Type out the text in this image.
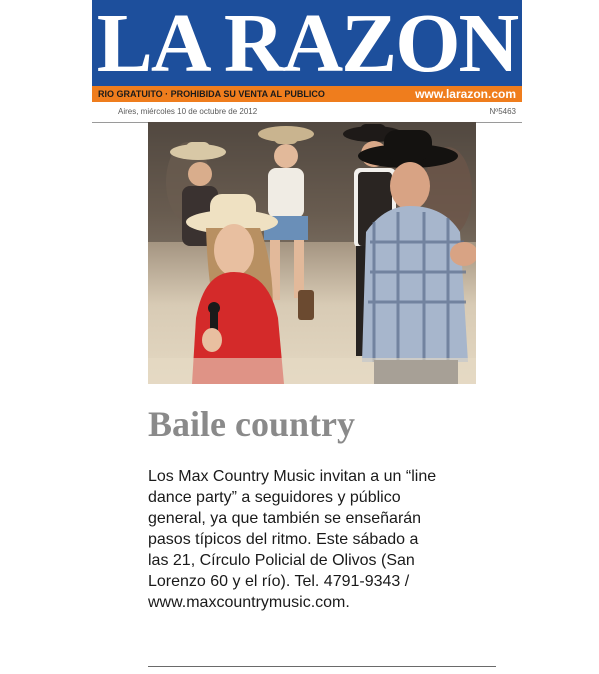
LA RAZON
RIO GRATUITO · PROHIBIDA SU VENTA AL PUBLICO	www.larazon.com
Aires, miércoles 10 de octubre de 2012	Nº5463
Baile country

Los Max Country Music invitan a un “line
dance party” a seguidores y público
general, ya que también se enseñarán
pasos típicos del ritmo. Este sábado a
las 21, Círculo Policial de Olivos (San
Lorenzo 60 y el río). Tel. 4791-9343 /
www.maxcountrymusic.com.
